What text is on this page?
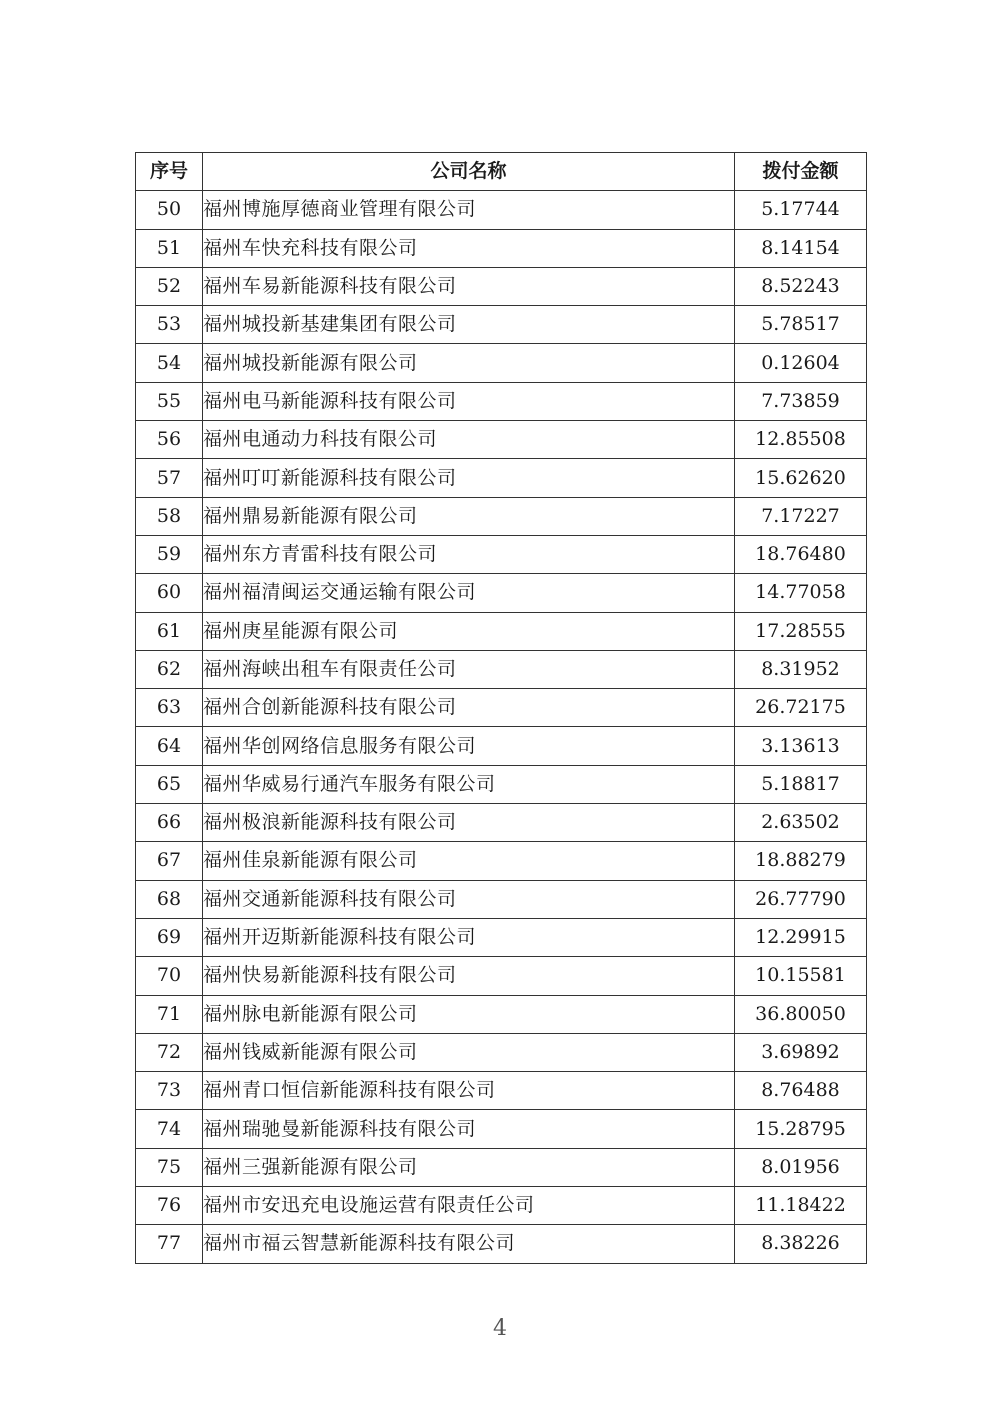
序号	公司名称	拨付金额
50	福州博施厚德商业管理有限公司	5.17744
51	福州车快充科技有限公司	8.14154
52	福州车易新能源科技有限公司	8.52243
53	福州城投新基建集团有限公司	5.78517
54	福州城投新能源有限公司	0.12604
55	福州电马新能源科技有限公司	7.73859
56	福州电通动力科技有限公司	12.85508
57	福州叮叮新能源科技有限公司	15.62620
58	福州鼎易新能源有限公司	7.17227
59	福州东方青雷科技有限公司	18.76480
60	福州福清闽运交通运输有限公司	14.77058
61	福州庚星能源有限公司	17.28555
62	福州海峡出租车有限责任公司	8.31952
63	福州合创新能源科技有限公司	26.72175
64	福州华创网络信息服务有限公司	3.13613
65	福州华威易行通汽车服务有限公司	5.18817
66	福州极浪新能源科技有限公司	2.63502
67	福州佳泉新能源有限公司	18.88279
68	福州交通新能源科技有限公司	26.77790
69	福州开迈斯新能源科技有限公司	12.29915
70	福州快易新能源科技有限公司	10.15581
71	福州脉电新能源有限公司	36.80050
72	福州钱威新能源有限公司	3.69892
73	福州青口恒信新能源科技有限公司	8.76488
74	福州瑞驰曼新能源科技有限公司	15.28795
75	福州三强新能源有限公司	8.01956
76	福州市安迅充电设施运营有限责任公司	11.18422
77	福州市福云智慧新能源科技有限公司	8.38226
4
